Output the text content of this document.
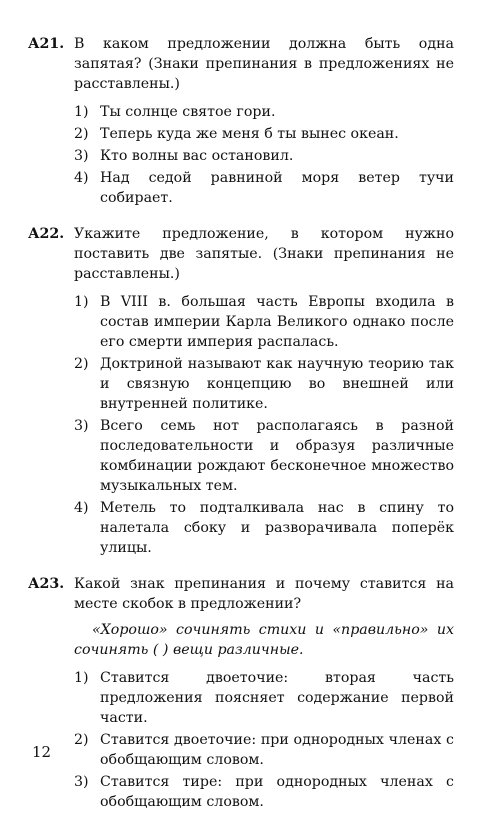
А21. В каком предложении должна быть одна запятая? (Знаки препинания в предложениях не расставлены.)

1) Ты солнце святое гори.
2) Теперь куда же меня б ты вынес океан.
3) Кто волны вас остановил.
4) Над седой равниной моря ветер тучи собирает.
А22. Укажите предложение, в котором нужно поставить две запятые. (Знаки препинания не расставлены.)

1) В VIII в. большая часть Европы входила в состав империи Карла Великого однако после его смерти империя распалась.
2) Доктриной называют как научную теорию так и связную концепцию во внешней или внутренней политике.
3) Всего семь нот располагаясь в разной последовательности и образуя различные комбинации рождают бесконечное множество музыкальных тем.
4) Метель то подталкивала нас в спину то налетала сбоку и разворачивала поперёк улицы.
А23. Какой знак препинания и почему ставится на месте скобок в предложении?

«Хорошо» сочинять стихи и «правильно» их сочинять ( ) вещи различные.

1) Ставится двоеточие: вторая часть предложения поясняет содержание первой части.
2) Ставится двоеточие: при однородных членах с обобщающим словом.
3) Ставится тире: при однородных членах с обобщающим словом.
12
